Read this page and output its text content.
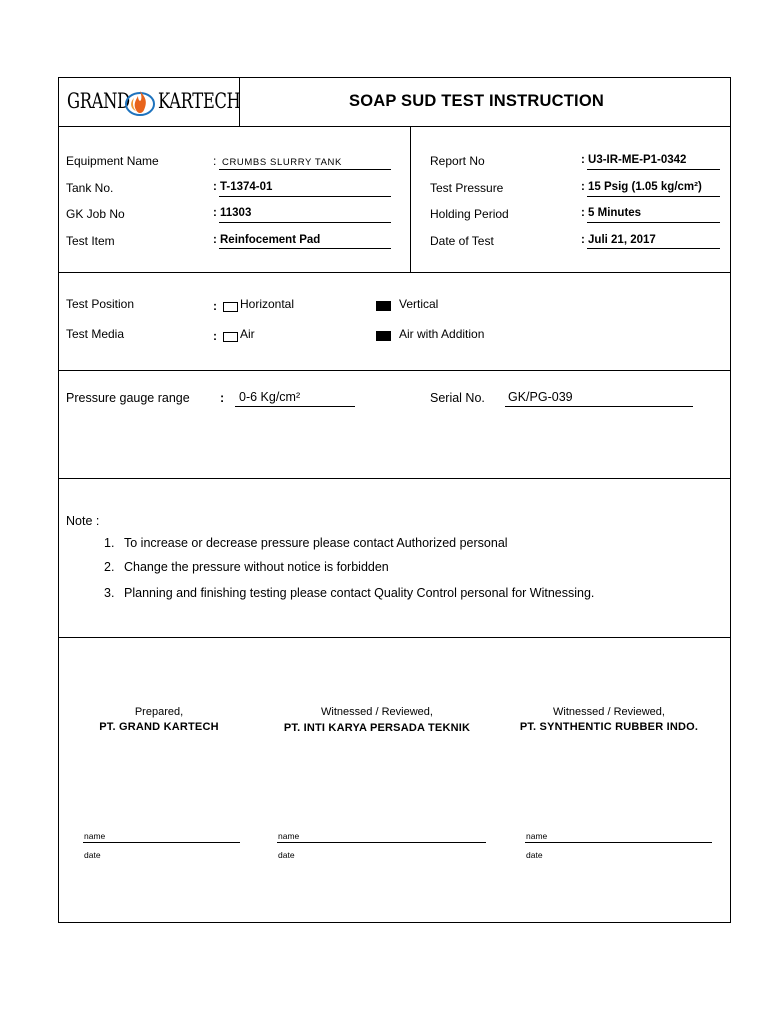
GRAND KARTECH	SOAP SUD TEST INSTRUCTION
Equipment Name	: CRUMBS SLURRY TANK
Tank No.	: T-1374-01
GK Job No	: 11303
Test Item	: Reinfocement Pad
Report No	: U3-IR-ME-P1-0342
Test Pressure	: 15 Psig (1.05 kg/cm²)
Holding Period	: 5 Minutes
Date of Test	: Juli 21, 2017
Test Position	: Horizontal	Vertical
Test Media	: Air	Air with Addition
Pressure gauge range : 0-6 Kg/cm²	Serial No. GK/PG-039
Note :
1. To increase or decrease pressure please contact Authorized personal
2. Change the pressure without notice is forbidden
3. Planning and finishing testing please contact Quality Control personal for Witnessing.
Prepared,
PT. GRAND KARTECH
Witnessed / Reviewed,
PT. INTI KARYA PERSADA TEKNIK
Witnessed / Reviewed,
PT. SYNTHENTIC RUBBER INDO.
name
date
name
date
name
date
